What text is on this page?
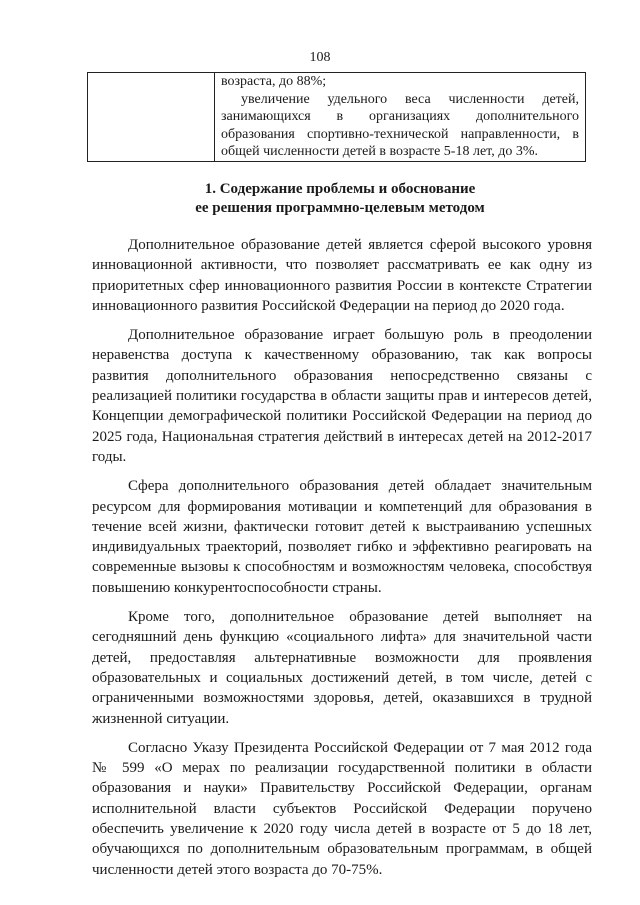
108

возраста, до 88%;

увеличение удельного веса численности детей, занимающихся в организациях дополнительного образования спортивно-технической направленности, в общей численности детей в возрасте 5-18 лет, до 3%.

1. Содержание проблемы и обоснование
ее решения программно-целевым методом

Дополнительное образование детей является сферой высокого уровня инновационной активности, что позволяет рассматривать ее как одну из приоритетных сфер инновационного развития России в контексте Стратегии инновационного развития Российской Федерации на период до 2020 года.

Дополнительное образование играет большую роль в преодолении неравенства доступа к качественному образованию, так как вопросы развития дополнительного образования непосредственно связаны с реализацией политики государства в области защиты прав и интересов детей, Концепции демографической политики Российской Федерации на период до 2025 года, Национальная стратегия действий в интересах детей на 2012-2017 годы.

Сфера дополнительного образования детей обладает значительным ресурсом для формирования мотивации и компетенций для образования в течение всей жизни, фактически готовит детей к выстраиванию успешных индивидуальных траекторий, позволяет гибко и эффективно реагировать на современные вызовы к способностям и возможностям человека, способствуя повышению конкурентоспособности страны.

Кроме того, дополнительное образование детей выполняет на сегодняшний день функцию «социального лифта» для значительной части детей, предоставляя альтернативные возможности для проявления образовательных и социальных достижений детей, в том числе, детей с ограниченными возможностями здоровья, детей, оказавшихся в трудной жизненной ситуации.

Согласно Указу Президента Российской Федерации от 7 мая 2012 года № 599 «О мерах по реализации государственной политики в области образования и науки» Правительству Российской Федерации, органам исполнительной власти субъектов Российской Федерации поручено обеспечить увеличение к 2020 году числа детей в возрасте от 5 до 18 лет, обучающихся по дополнительным образовательным программам, в общей численности детей этого возраста до 70-75%.
